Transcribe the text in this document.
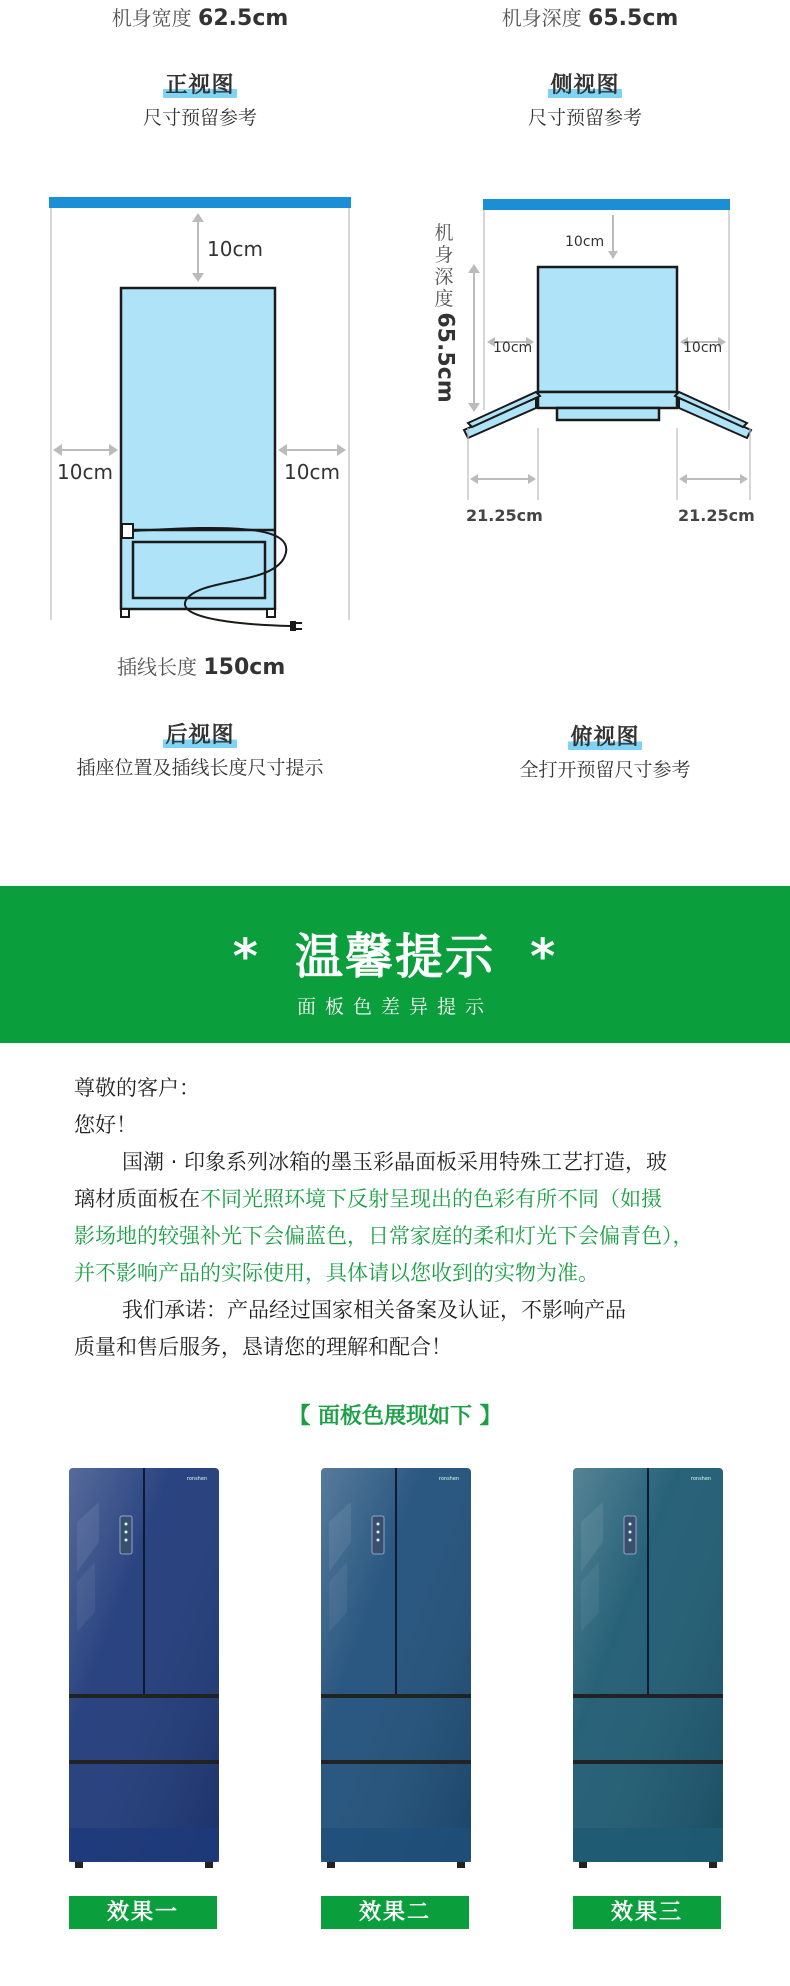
机身宽度 62.5cm	机身深度 65.5cm
正视图
尺寸预留参考
侧视图
尺寸预留参考
10cm
10cm	10cm
插线长度 150cm
10cm
10cm	10cm
21.25cm	21.25cm
机
身
深
度
65.5cm
后视图
插座位置及插线长度尺寸提示
俯视图
全打开预留尺寸参考
* 温馨提示 *
面板色差异提示
尊敬的客户：
您好！
国潮 · 印象系列冰箱的墨玉彩晶面板采用特殊工艺打造，玻
璃材质面板在不同光照环境下反射呈现出的色彩有所不同（如摄
影场地的较强补光下会偏蓝色，日常家庭的柔和灯光下会偏青色），
并不影响产品的实际使用，具体请以您收到的实物为准。
我们承诺：产品经过国家相关备案及认证，不影响产品
质量和售后服务，恳请您的理解和配合！
【 面板色展现如下 】
ronshen
效果一
ronshen
效果二
ronshen
效果三
